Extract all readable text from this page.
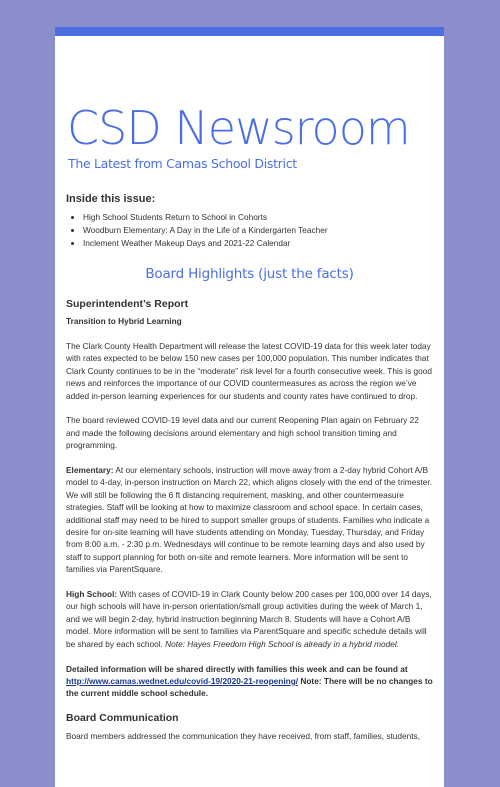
CSD Newsroom
The Latest from Camas School District
Inside this issue:
• High School Students Return to School in Cohorts
• Woodburn Elementary: A Day in the Life of a Kindergarten Teacher
• Inclement Weather Makeup Days and 2021-22 Calendar
Board Highlights (just the facts)
Superintendent’s Report
Transition to Hybrid Learning

The Clark County Health Department will release the latest COVID-19 data for this week later today with rates expected to be below 150 new cases per 100,000 population. This number indicates that Clark County continues to be in the “moderate” risk level for a fourth consecutive week. This is good news and reinforces the importance of our COVID countermeasures as across the region we’ve added in-person learning experiences for our students and county rates have continued to drop.

The board reviewed COVID-19 level data and our current Reopening Plan again on February 22 and made the following decisions around elementary and high school transition timing and programming.

Elementary: At our elementary schools, instruction will move away from a 2-day hybrid Cohort A/B model to 4-day, in-person instruction on March 22, which aligns closely with the end of the trimester. We will still be following the 6 ft distancing requirement, masking, and other countermeasure strategies. Staff will be looking at how to maximize classroom and school space. In certain cases, additional staff may need to be hired to support smaller groups of students. Families who indicate a desire for on-site learning will have students attending on Monday, Tuesday, Thursday, and Friday from 8:00 a.m. - 2:30 p.m. Wednesdays will continue to be remote learning days and also used by staff to support planning for both on-site and remote learners. More information will be sent to families via ParentSquare.

High School: With cases of COVID-19 in Clark County below 200 cases per 100,000 over 14 days, our high schools will have in-person orientation/small group activities during the week of March 1, and we will begin 2-day, hybrid instruction beginning March 8. Students will have a Cohort A/B model. More information will be sent to families via ParentSquare and specific schedule details will be shared by each school. Note: Hayes Freedom High School is already in a hybrid model.

Detailed information will be shared directly with families this week and can be found at http://www.camas.wednet.edu/covid-19/2020-21-reopening/ Note: There will be no changes to the current middle school schedule.

Board Communication

Board members addressed the communication they have received, from staff, families, students,
